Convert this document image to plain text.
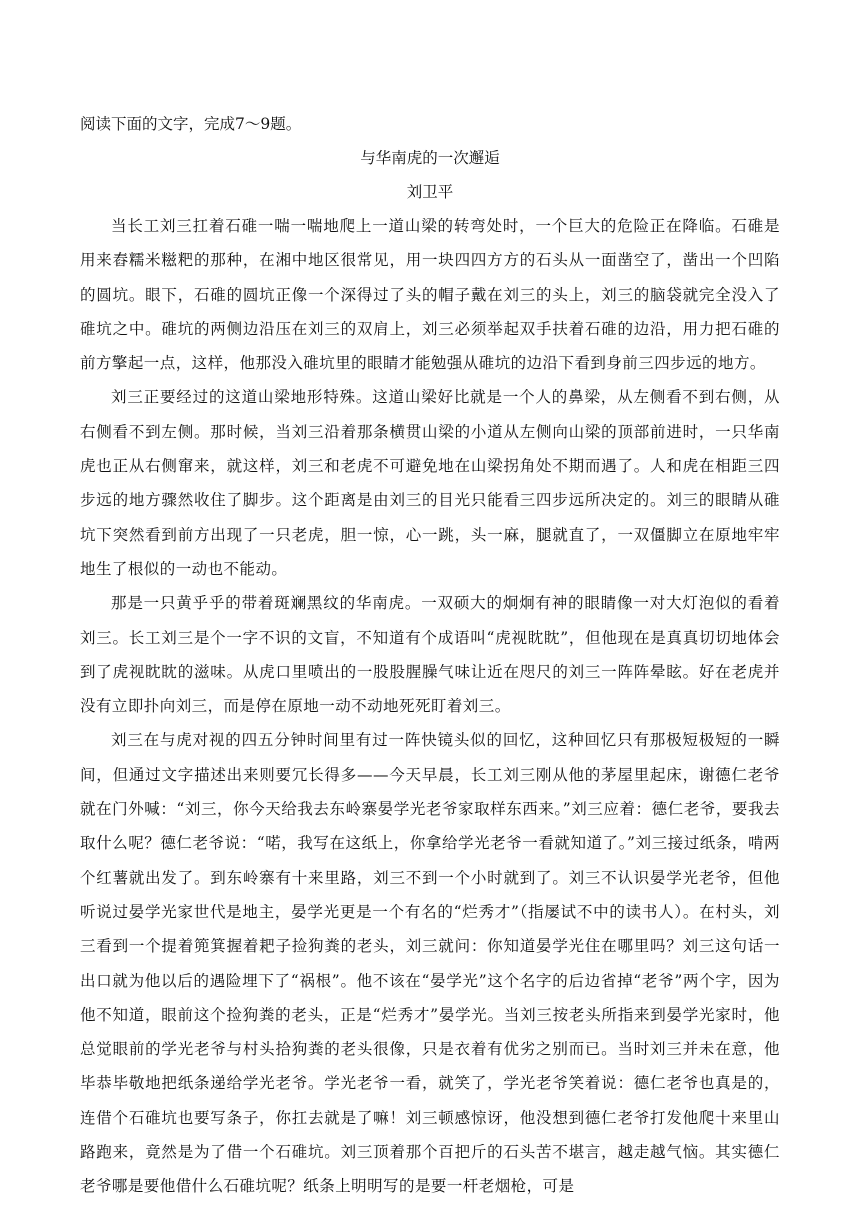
阅读下面的文字，完成7～9题。

与华南虎的一次邂逅

刘卫平

当长工刘三扛着石碓一喘一喘地爬上一道山梁的转弯处时，一个巨大的危险正在降临。石碓是用来舂糯米糍粑的那种，在湘中地区很常见，用一块四四方方的石头从一面凿空了，凿出一个凹陷的圆坑。眼下，石碓的圆坑正像一个深得过了头的帽子戴在刘三的头上，刘三的脑袋就完全没入了碓坑之中。碓坑的两侧边沿压在刘三的双肩上，刘三必须举起双手扶着石碓的边沿，用力把石碓的前方擎起一点，这样，他那没入碓坑里的眼睛才能勉强从碓坑的边沿下看到身前三四步远的地方。

刘三正要经过的这道山梁地形特殊。这道山梁好比就是一个人的鼻梁，从左侧看不到右侧，从右侧看不到左侧。那时候，当刘三沿着那条横贯山梁的小道从左侧向山梁的顶部前进时，一只华南虎也正从右侧窜来，就这样，刘三和老虎不可避免地在山梁拐角处不期而遇了。人和虎在相距三四步远的地方骤然收住了脚步。这个距离是由刘三的目光只能看三四步远所决定的。刘三的眼睛从碓坑下突然看到前方出现了一只老虎，胆一惊，心一跳，头一麻，腿就直了，一双僵脚立在原地牢牢地生了根似的一动也不能动。

那是一只黄乎乎的带着斑斓黑纹的华南虎。一双硕大的炯炯有神的眼睛像一对大灯泡似的看着刘三。长工刘三是个一字不识的文盲，不知道有个成语叫“虎视眈眈”，但他现在是真真切切地体会到了虎视眈眈的滋味。从虎口里喷出的一股股腥臊气味让近在咫尺的刘三一阵阵晕眩。好在老虎并没有立即扑向刘三，而是停在原地一动不动地死死盯着刘三。

刘三在与虎对视的四五分钟时间里有过一阵快镜头似的回忆，这种回忆只有那极短极短的一瞬间，但通过文字描述出来则要冗长得多——今天早晨，长工刘三刚从他的茅屋里起床，谢德仁老爷就在门外喊：“刘三，你今天给我去东岭寨晏学光老爷家取样东西来。”刘三应着：德仁老爷，要我去取什么呢？德仁老爷说：“喏，我写在这纸上，你拿给学光老爷一看就知道了。”刘三接过纸条，啃两个红薯就出发了。到东岭寨有十来里路，刘三不到一个小时就到了。刘三不认识晏学光老爷，但他听说过晏学光家世代是地主，晏学光更是一个有名的“烂秀才”（指屡试不中的读书人）。在村头，刘三看到一个提着篼箕握着耙子捡狗粪的老头，刘三就问：你知道晏学光住在哪里吗？刘三这句话一出口就为他以后的遇险埋下了“祸根”。他不该在“晏学光”这个名字的后边省掉“老爷”两个字，因为他不知道，眼前这个捡狗粪的老头，正是“烂秀才”晏学光。当刘三按老头所指来到晏学光家时，他总觉眼前的学光老爷与村头拾狗粪的老头很像，只是衣着有优劣之别而已。当时刘三并未在意，他毕恭毕敬地把纸条递给学光老爷。学光老爷一看，就笑了，学光老爷笑着说：德仁老爷也真是的，连借个石碓坑也要写条子，你扛去就是了嘛！刘三顿感惊讶，他没想到德仁老爷打发他爬十来里山路跑来，竟然是为了借一个石碓坑。刘三顶着那个百把斤的石头苦不堪言，越走越气恼。其实德仁老爷哪是要他借什么石碓坑呢？纸条上明明写的是要一杆老烟枪，可是
